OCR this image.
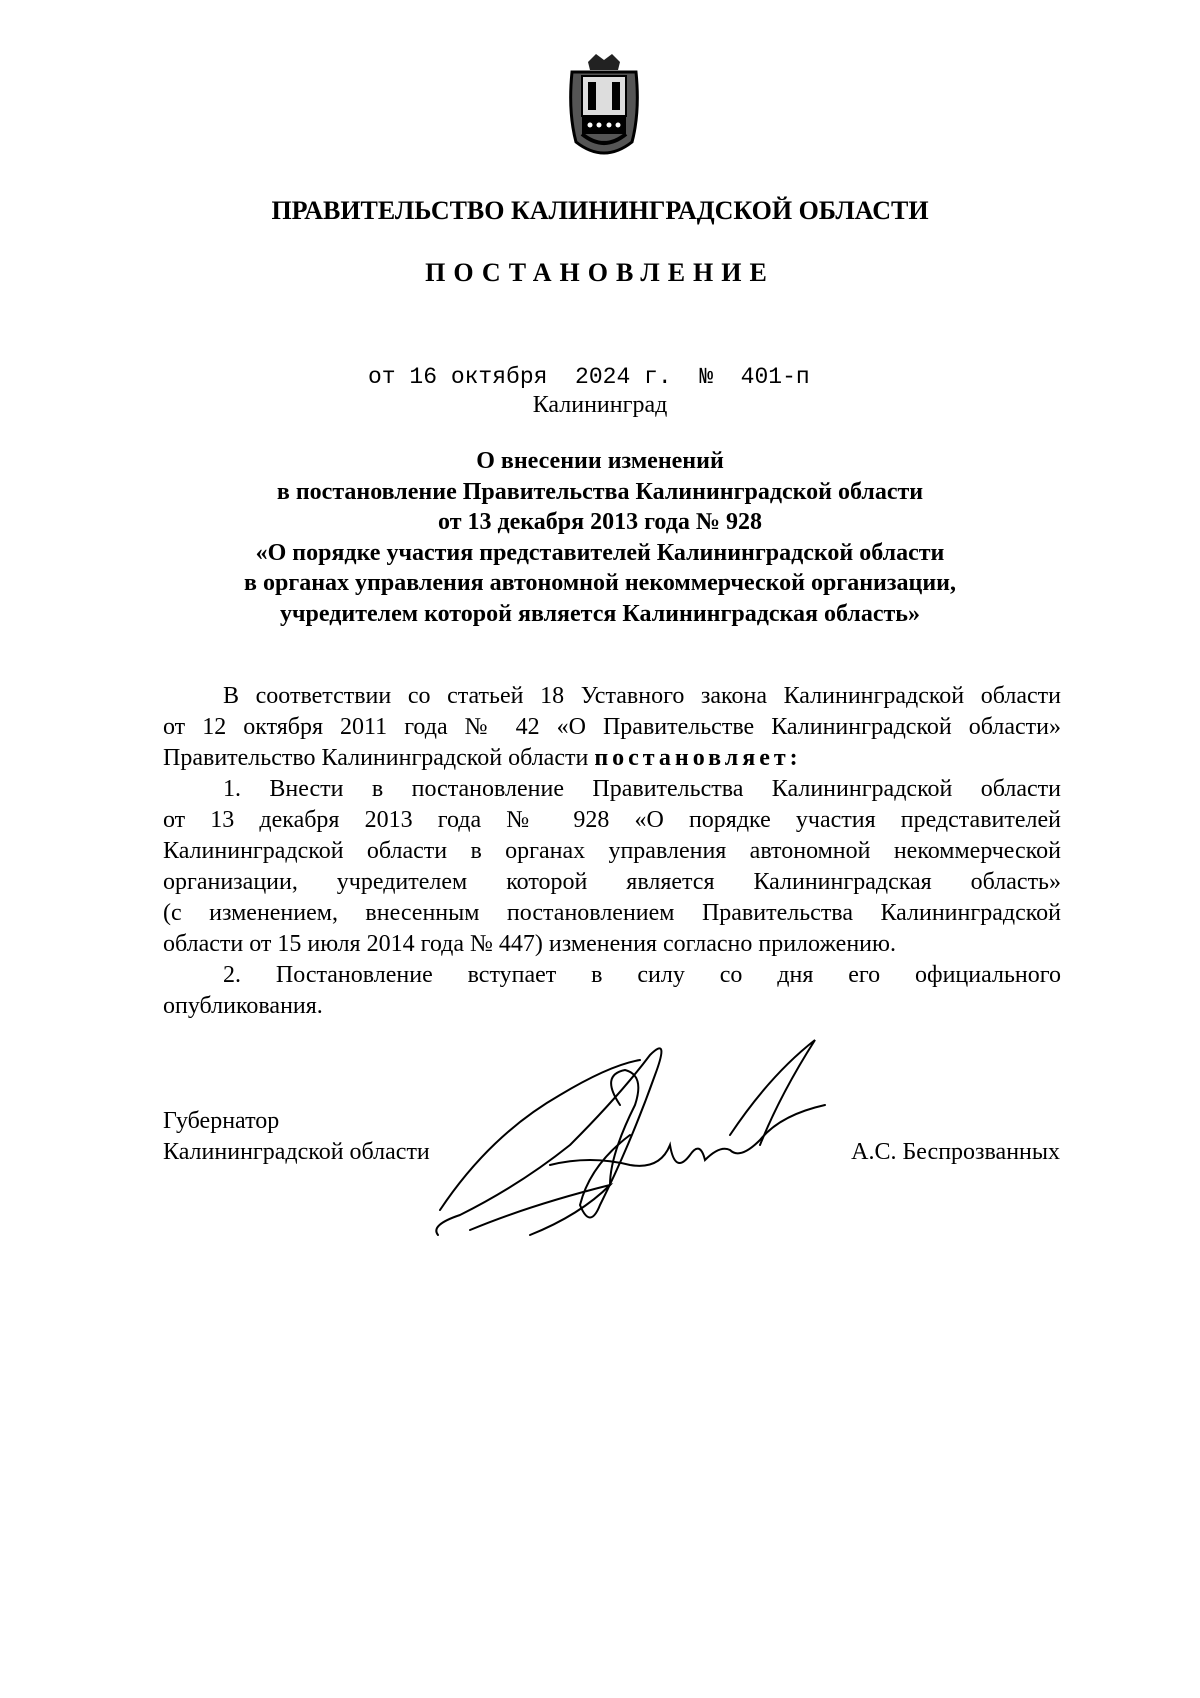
ПРАВИТЕЛЬСТВО КАЛИНИНГРАДСКОЙ ОБЛАСТИ
ПОСТАНОВЛЕНИЕ
от 16 октября  2024 г.  №  401-п
Калининград
О внесении изменений
в постановление Правительства Калининградской области
от 13 декабря 2013 года № 928
«О порядке участия представителей Калининградской области
в органах управления автономной некоммерческой организации,
учредителем которой является Калининградская область»
В соответствии со статьей 18 Уставного закона Калининградской области
от 12 октября 2011 года № 42 «О Правительстве Калининградской области»
Правительство Калининградской области постановляет:
1. Внести в постановление Правительства Калининградской области
от 13 декабря 2013 года № 928 «О порядке участия представителей
Калининградской области в органах управления автономной некоммерческой
организации, учредителем которой является Калининградская область»
(с изменением, внесенным постановлением Правительства Калининградской
области от 15 июля 2014 года № 447) изменения согласно приложению.
2. Постановление вступает в силу со дня его официального
опубликования.
Губернатор
Калининградской области	А.С. Беспрозванных
